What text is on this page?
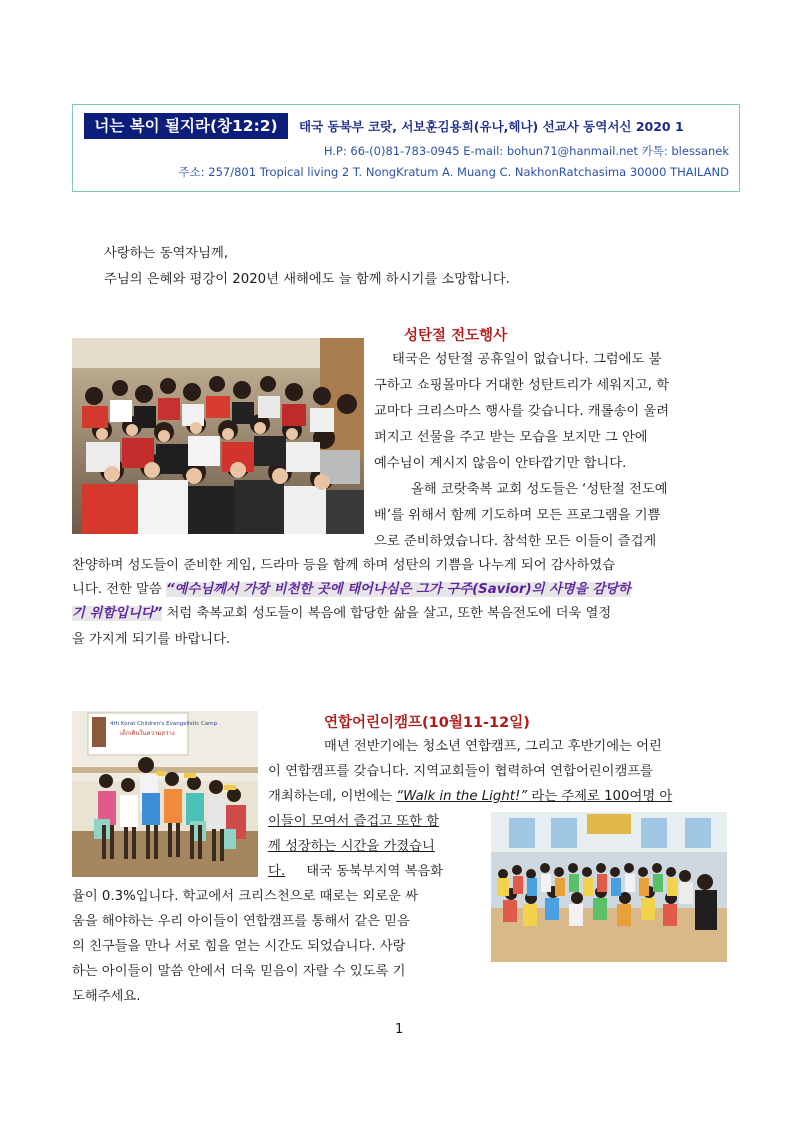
너는 복이 될지라(창12:2)	태국 동북부 코랏, 서보훈김용희(유나,헤나) 선교사 동역서신 2020 1
H.P: 66-(0)81-783-0945 E-mail: bohun71@hanmail.net 카톡: blessanek
주소: 257/801 Tropical living 2 T. NongKratum A. Muang C. NakhonRatchasima 30000 THAILAND
사랑하는 동역자님께,
주님의 은혜와 평강이 2020년 새해에도 늘 함께 하시기를 소망합니다.
성탄절 전도행사
태국은 성탄절 공휴일이 없습니다. 그럼에도 불
구하고 쇼핑몰마다 거대한 성탄트리가 세워지고, 학
교마다 크리스마스 행사를 갖습니다. 캐롤송이 울려
퍼지고 선물을 주고 받는 모습을 보지만 그 안에
예수님이 계시지 않음이 안타깝기만 합니다.
올해 코랏축복 교회 성도들은 ‘성탄절 전도예
배’를 위해서 함께 기도하며 모든 프로그램을 기쁨
으로 준비하였습니다. 참석한 모든 이들이 즐겁게
찬양하며 성도들이 준비한 게임, 드라마 등을 함께 하며 성탄의 기쁨을 나누게 되어 감사하였습
니다. 전한 말씀 “예수님께서 가장 비천한 곳에 태어나심은 그가 구주(Savior)의 사명을 감당하
기 위함입니다” 처럼 축복교회 성도들이 복음에 합당한 삶을 살고, 또한 복음전도에 더욱 열정
을 가지게 되기를 바랍니다.
연합어린이캠프(10월11-12일)
4th Korat Children's Evangelistic Camp
เด็กเดินในความสว่าง
매년 전반기에는 청소년 연합캠프, 그리고 후반기에는 어린
이 연합캠프를 갖습니다. 지역교회들이 협력하여 연합어린이캠프를
개최하는데, 이번에는 “Walk in the Light!” 라는 주제로 100여명 아
이들이 모여서 즐겁고 또한 함
께 성장하는 시간을 가졌습니
다. 태국 동북부지역 복음화
율이 0.3%입니다. 학교에서 크리스천으로 때로는 외로운 싸
움을 해야하는 우리 아이들이 연합캠프를 통해서 같은 믿음
의 친구들을 만나 서로 힘을 얻는 시간도 되었습니다. 사랑
하는 아이들이 말씀 안에서 더욱 믿음이 자랄 수 있도록 기
도해주세요.
1
